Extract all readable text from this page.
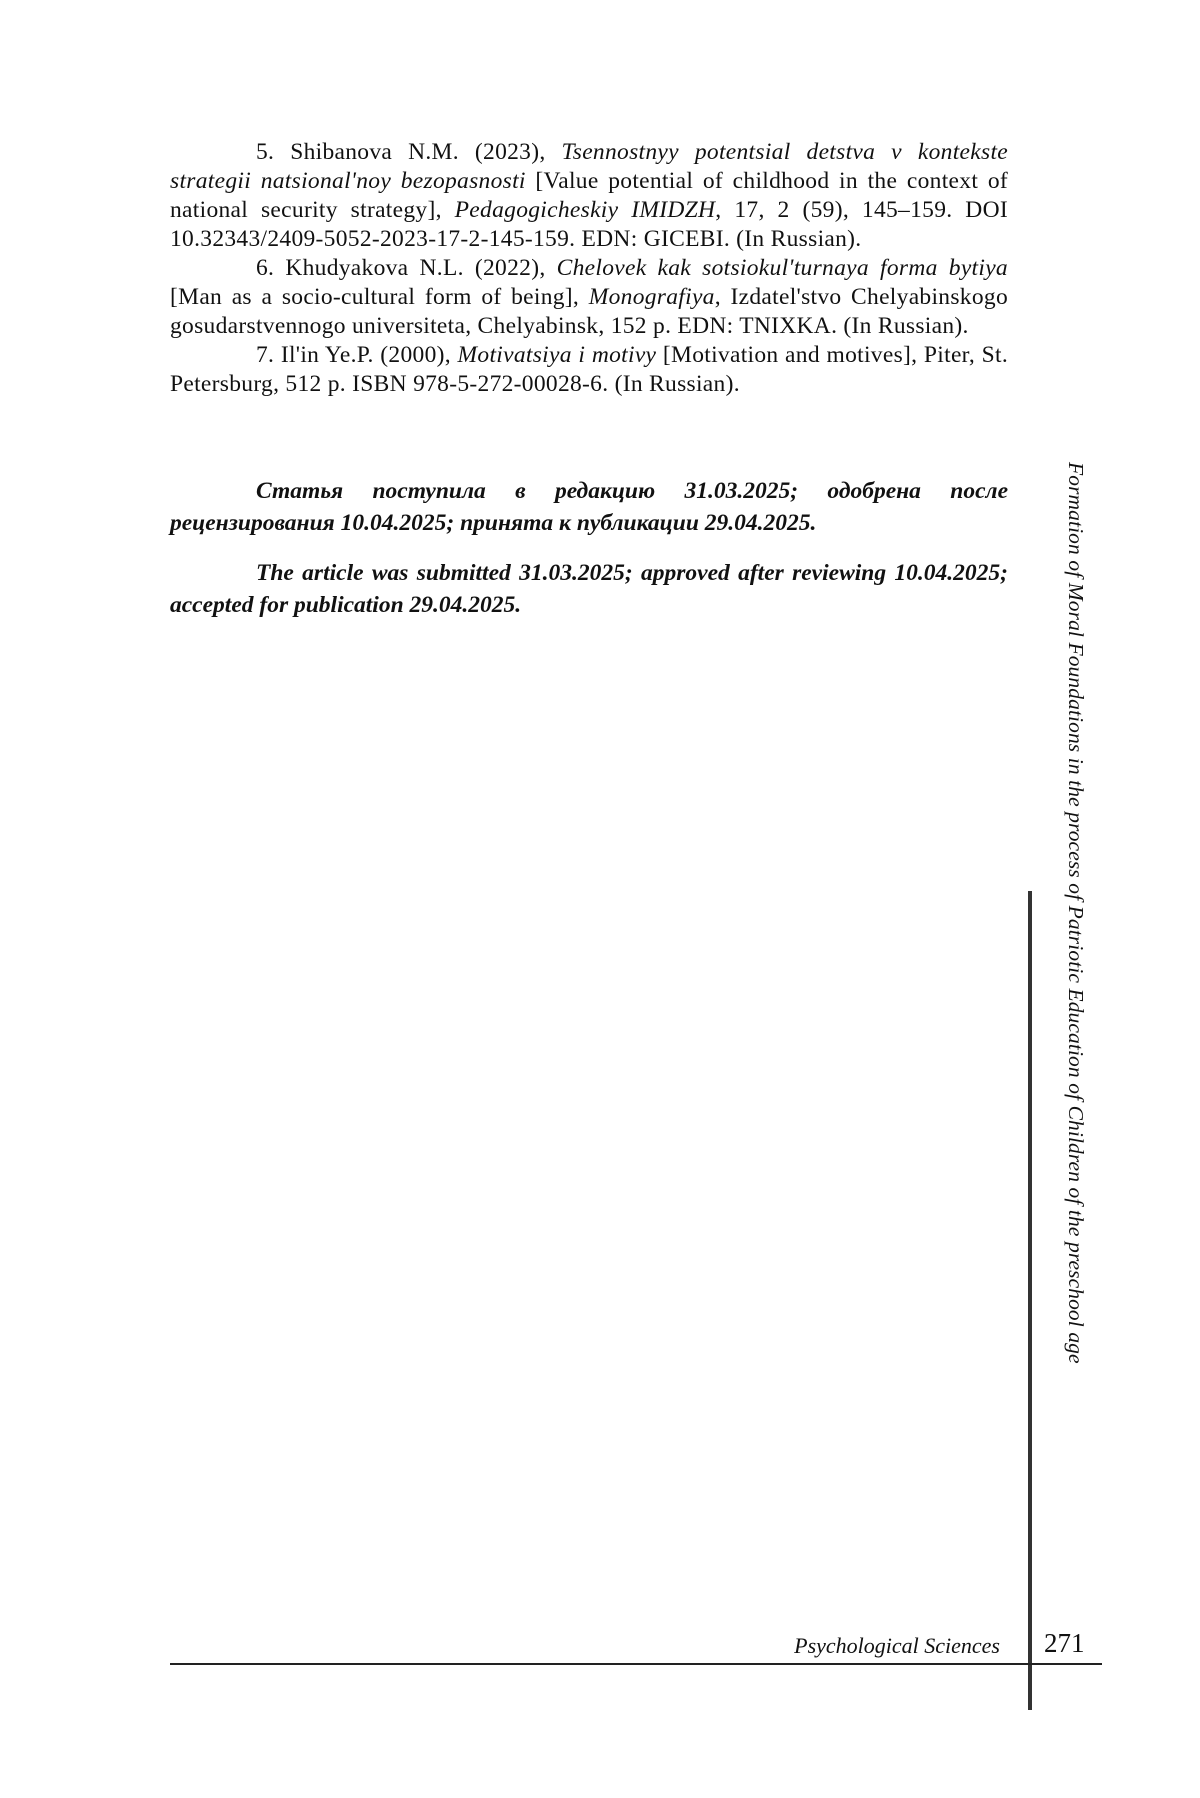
5. Shibanova N.M. (2023), Tsennostnyy potentsial detstva v kontekste strategii natsional'noy bezopasnosti [Value potential of childhood in the context of national security strategy], Pedagogicheskiy IMIDZH, 17, 2 (59), 145–159. DOI 10.32343/2409-5052-2023-17-2-145-159. EDN: GICEBI. (In Russian).

6. Khudyakova N.L. (2022), Chelovek kak sotsiokul'turnaya forma bytiya [Man as a socio-cultural form of being], Monografiya, Izdatel'stvo Chelyabinskogo gosudarstvennogo universiteta, Chelyabinsk, 152 p. EDN: TNIXKA. (In Russian).

7. Il'in Ye.P. (2000), Motivatsiya i motivy [Motivation and motives], Piter, St. Petersburg, 512 p. ISBN 978-5-272-00028-6. (In Russian).

Статья поступила в редакцию 31.03.2025; одобрена после рецензирования 10.04.2025; принята к публикации 29.04.2025.

The article was submitted 31.03.2025; approved after reviewing 10.04.2025; accepted for publication 29.04.2025.	Formation of Moral Foundations in the process of Patriotic Education of Children of the preschool age
Psychological Sciences 271
